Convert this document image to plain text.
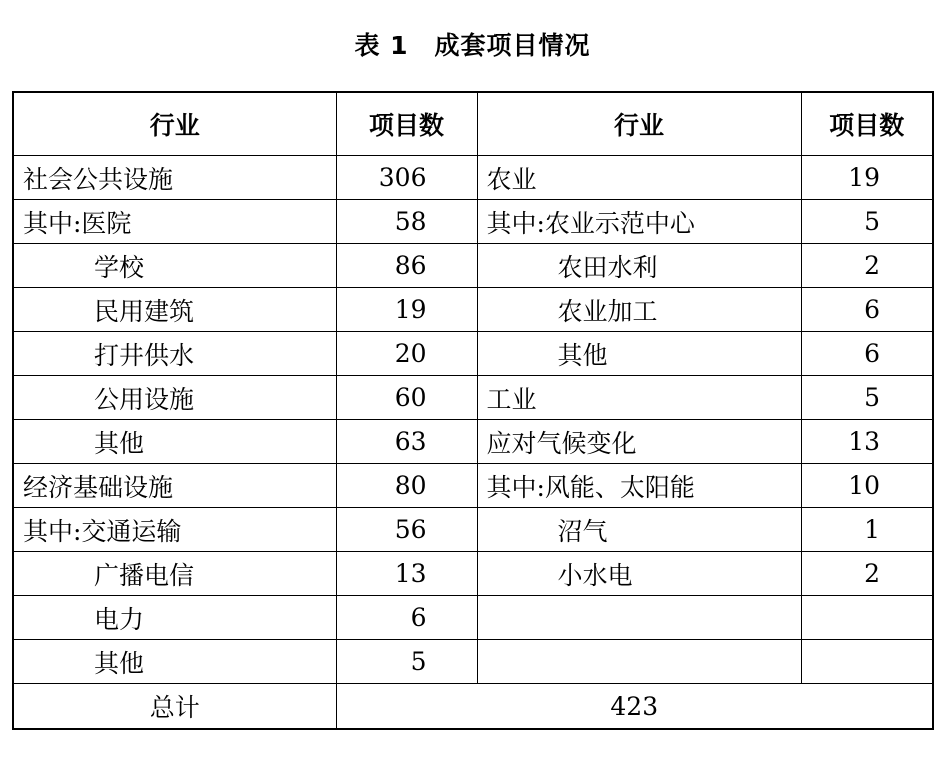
表 1 成套项目情况
行业	项目数	行业	项目数
社会公共设施	306	农业	19
其中:医院	58	其中:农业示范中心	5
学校	86	农田水利	2
民用建筑	19	农业加工	6
打井供水	20	其他	6
公用设施	60	工业	5
其他	63	应对气候变化	13
经济基础设施	80	其中:风能、太阳能	10
其中:交通运输	56	沼气	1
广播电信	13	小水电	2
电力	6		
其他	5		
总计	423		
